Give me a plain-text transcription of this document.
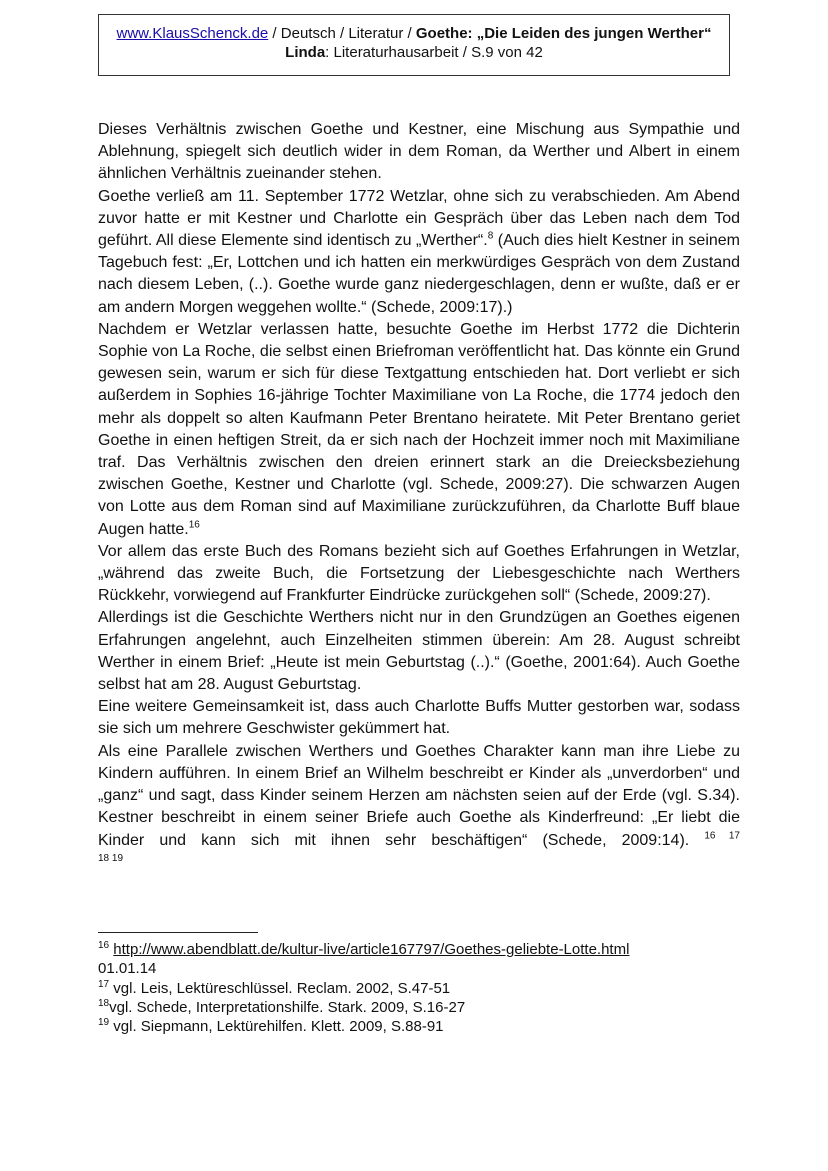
www.KlausSchenck.de / Deutsch / Literatur / Goethe: „Die Leiden des jungen Werther“
Linda: Literaturhausarbeit / S.9 von 42

Dieses Verhältnis zwischen Goethe und Kestner, eine Mischung aus Sympathie und Ablehnung, spiegelt sich deutlich wider in dem Roman, da Werther und Albert in einem ähnlichen Verhältnis zueinander stehen.

Goethe verließ am 11. September 1772 Wetzlar, ohne sich zu verabschieden. Am Abend zuvor hatte er mit Kestner und Charlotte ein Gespräch über das Leben nach dem Tod geführt. All diese Elemente sind identisch zu „Werther“.$^8$ (Auch dies hielt Kestner in seinem Tagebuch fest: „Er, Lottchen und ich hatten ein merkwürdiges Gespräch von dem Zustand nach diesem Leben, (..). Goethe wurde ganz niedergeschlagen, denn er wußte, daß er er am andern Morgen weggehen wollte.“ (Schede, 2009:17).)

Nachdem er Wetzlar verlassen hatte, besuchte Goethe im Herbst 1772 die Dichterin Sophie von La Roche, die selbst einen Briefroman veröffentlicht hat. Das könnte ein Grund gewesen sein, warum er sich für diese Textgattung entschieden hat. Dort verliebt er sich außerdem in Sophies 16-jährige Tochter Maximiliane von La Roche, die 1774 jedoch den mehr als doppelt so alten Kaufmann Peter Brentano heiratete. Mit Peter Brentano geriet Goethe in einen heftigen Streit, da er sich nach der Hochzeit immer noch mit Maximiliane traf. Das Verhältnis zwischen den dreien erinnert stark an die Dreiecksbeziehung zwischen Goethe, Kestner und Charlotte (vgl. Schede, 2009:27). Die schwarzen Augen von Lotte aus dem Roman sind auf Maximiliane zurückzuführen, da Charlotte Buff blaue Augen hatte.$^{16}$

Vor allem das erste Buch des Romans bezieht sich auf Goethes Erfahrungen in Wetzlar, „während das zweite Buch, die Fortsetzung der Liebesgeschichte nach Werthers Rückkehr, vorwiegend auf Frankfurter Eindrücke zurückgehen soll“ (Schede, 2009:27).

Allerdings ist die Geschichte Werthers nicht nur in den Grundzügen an Goethes eigenen Erfahrungen angelehnt, auch Einzelheiten stimmen überein: Am 28. August schreibt Werther in einem Brief: „Heute ist mein Geburtstag (..).“ (Goethe, 2001:64). Auch Goethe selbst hat am 28. August Geburtstag.

Eine weitere Gemeinsamkeit ist, dass auch Charlotte Buffs Mutter gestorben war, sodass sie sich um mehrere Geschwister gekümmert hat.

Als eine Parallele zwischen Werthers und Goethes Charakter kann man ihre Liebe zu Kindern aufführen. In einem Brief an Wilhelm beschreibt er Kinder als „unverdorben“ und „ganz“ und sagt, dass Kinder seinem Herzen am nächsten seien auf der Erde (vgl. S.34). Kestner beschreibt in einem seiner Briefe auch Goethe als Kinderfreund: „Er liebt die Kinder und kann sich mit ihnen sehr beschäftigen“ (Schede, 2009:14). $^{16 17}$

18 19

$^{16}$ http://www.abendblatt.de/kultur-live/article167797/Goethes-geliebte-Lotte.html

01.01.14

$^{17}$ vgl. Leis, Lektüreschlüssel. Reclam. 2002, S.47-51

$^{18}$vgl. Schede, Interpretationshilfe. Stark. 2009, S.16-27

$^{19}$ vgl. Siepmann, Lektürehilfen. Klett. 2009, S.88-91
